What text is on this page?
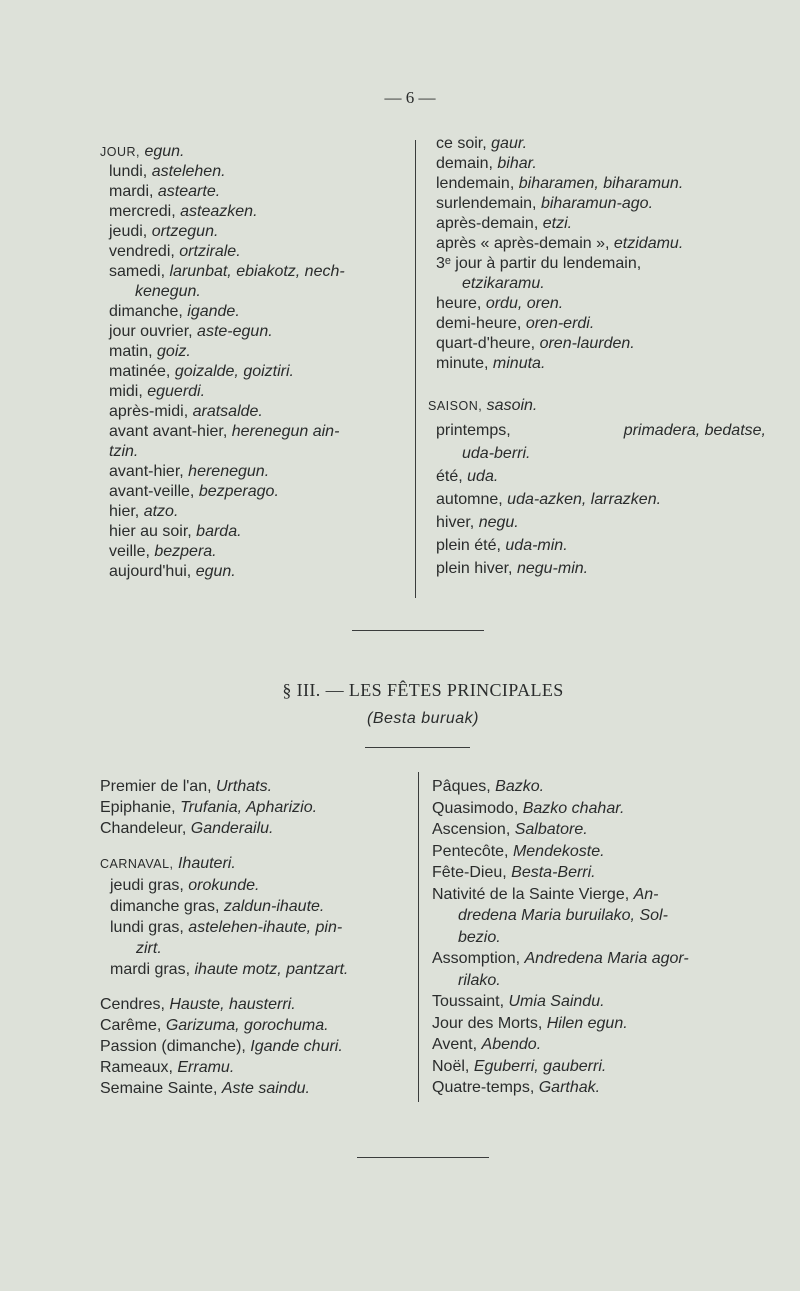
— 6 —
JOUR, egun.
lundi, astelehen.
mardi, astearte.
mercredi, asteazken.
jeudi, ortzegun.
vendredi, ortzirale.
samedi, larunbat, ebiakotz, nech-
kenegun.
dimanche, igande.
jour ouvrier, aste-egun.
matin, goiz.
matinée, goizalde, goiztiri.
midi, eguerdi.
après-midi, aratsalde.
avant avant-hier, herenegun ain-
tzin.
avant-hier, herenegun.
avant-veille, bezperago.
hier, atzo.
hier au soir, barda.
veille, bezpera.
aujourd'hui, egun.
ce soir, gaur.
demain, bihar.
lendemain, biharamen, biharamun.
surlendemain, biharamun-ago.
après-demain, etzi.
après « après-demain », etzidamu.
3ᵉ jour à partir du lendemain,
etzikaramu.
heure, ordu, oren.
demi-heure, oren-erdi.
quart-d'heure, oren-laurden.
minute, minuta.
SAISON, sasoin.
printemps,	primadera, bedatse,
uda-berri.
été, uda.
automne, uda-azken, larrazken.
hiver, negu.
plein été, uda-min.
plein hiver, negu-min.
§ III. — LES FÊTES PRINCIPALES
(Besta buruak)
Premier de l'an, Urthats.
Epiphanie, Trufania, Apharizio.
Chandeleur, Ganderailu.
CARNAVAL, Ihauteri.
jeudi gras, orokunde.
dimanche gras, zaldun-ihaute.
lundi gras, astelehen-ihaute, pin-
zirt.
mardi gras, ihaute motz, pantzart.
Cendres, Hauste, hausterri.
Carême, Garizuma, gorochuma.
Passion (dimanche), Igande churi.
Rameaux, Erramu.
Semaine Sainte, Aste saindu.
Pâques, Bazko.
Quasimodo, Bazko chahar.
Ascension, Salbatore.
Pentecôte, Mendekoste.
Fête-Dieu, Besta-Berri.
Nativité de la Sainte Vierge, An-
dredena Maria buruilako, Sol-
bezio.
Assomption, Andredena Maria agor-
rilako.
Toussaint, Umia Saindu.
Jour des Morts, Hilen egun.
Avent, Abendo.
Noël, Eguberri, gauberri.
Quatre-temps, Garthak.
